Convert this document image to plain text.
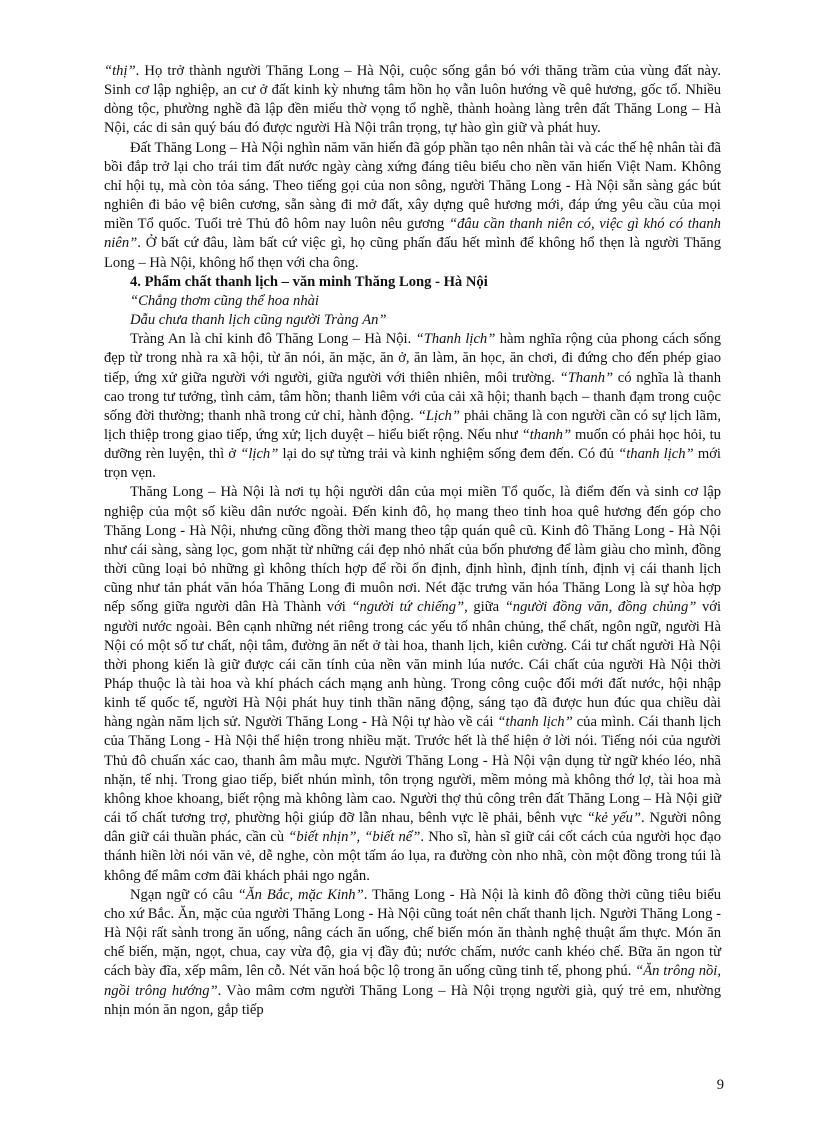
“thị”. Họ trở thành người Thăng Long – Hà Nội, cuộc sống gắn bó với thăng trầm của vùng đất này. Sinh cơ lập nghiệp, an cư ở đất kinh kỳ nhưng tâm hồn họ vẫn luôn hướng về quê hương, gốc tổ. Nhiều dòng tộc, phường nghề đã lập đền miếu thờ vọng tổ nghề, thành hoàng làng trên đất Thăng Long – Hà Nội, các di sản quý báu đó được người Hà Nội trân trọng, tự hào gìn giữ và phát huy.

Đất Thăng Long – Hà Nội nghìn năm văn hiến đã góp phần tạo nên nhân tài và các thế hệ nhân tài đã bồi đắp trở lại cho trái tim đất nước ngày càng xứng đáng tiêu biểu cho nền văn hiến Việt Nam. Không chỉ hội tụ, mà còn tỏa sáng. Theo tiếng gọi của non sông, người Thăng Long - Hà Nội sẵn sàng gác bút nghiên đi bảo vệ biên cương, sẵn sàng đi mở đất, xây dựng quê hương mới, đáp ứng yêu cầu của mọi miền Tổ quốc. Tuổi trẻ Thủ đô hôm nay luôn nêu gương “đâu cần thanh niên có, việc gì khó có thanh niên”. Ở bất cứ đâu, làm bất cứ việc gì, họ cũng phấn đấu hết mình để không hổ thẹn là người Thăng Long – Hà Nội, không hổ thẹn với cha ông.

4. Phẩm chất thanh lịch – văn minh Thăng Long - Hà Nội

“Chẳng thơm cũng thể hoa nhài

Dẫu chưa thanh lịch cũng người Tràng An”

Tràng An là chỉ kinh đô Thăng Long – Hà Nội. “Thanh lịch” hàm nghĩa rộng của phong cách sống đẹp từ trong nhà ra xã hội, từ ăn nói, ăn mặc, ăn ở, ăn làm, ăn học, ăn chơi, đi đứng cho đến phép giao tiếp, ứng xử giữa người với người, giữa người với thiên nhiên, môi trường. “Thanh” có nghĩa là thanh cao trong tư tưởng, tình cảm, tâm hồn; thanh liêm với của cải xã hội; thanh bạch – thanh đạm trong cuộc sống đời thường; thanh nhã trong cử chỉ, hành động. “Lịch” phải chăng là con người cần có sự lịch lãm, lịch thiệp trong giao tiếp, ứng xử; lịch duyệt – hiểu biết rộng. Nếu như “thanh” muốn có phải học hỏi, tu dưỡng rèn luyện, thì ở “lịch” lại do sự từng trải và kinh nghiệm sống đem đến. Có đủ “thanh lịch” mới trọn vẹn.

Thăng Long – Hà Nội là nơi tụ hội người dân của mọi miền Tổ quốc, là điểm đến và sinh cơ lập nghiệp của một số kiều dân nước ngoài. Đến kinh đô, họ mang theo tinh hoa quê hương đến góp cho Thăng Long - Hà Nội, nhưng cũng đồng thời mang theo tập quán quê cũ. Kinh đô Thăng Long - Hà Nội như cái sàng, sàng lọc, gom nhặt từ những cái đẹp nhỏ nhất của bốn phương để làm giàu cho mình, đồng thời cũng loại bỏ những gì không thích hợp để rồi ổn định, định hình, định tính, định vị cái thanh lịch cũng như tản phát văn hóa Thăng Long đi muôn nơi. Nét đặc trưng văn hóa Thăng Long là sự hòa hợp nếp sống giữa người dân Hà Thành với “người tứ chiếng”, giữa “người đồng văn, đồng chủng” với người nước ngoài. Bên cạnh những nét riêng trong các yếu tố nhân chủng, thể chất, ngôn ngữ, người Hà Nội có một số tư chất, nội tâm, đường ăn nết ở tài hoa, thanh lịch, kiên cường. Cái tư chất người Hà Nội thời phong kiến là giữ được cái căn tính của nền văn minh lúa nước. Cái chất của người Hà Nội thời Pháp thuộc là tài hoa và khí phách cách mạng anh hùng. Trong công cuộc đổi mới đất nước, hội nhập kinh tế quốc tế, người Hà Nội phát huy tinh thần năng động, sáng tạo đã được hun đúc qua chiều dài hàng ngàn năm lịch sử. Người Thăng Long - Hà Nội tự hào về cái “thanh lịch” của mình. Cái thanh lịch của Thăng Long - Hà Nội thể hiện trong nhiều mặt. Trước hết là thể hiện ở lời nói. Tiếng nói của người Thủ đô chuẩn xác cao, thanh âm mẫu mực. Người Thăng Long - Hà Nội vận dụng từ ngữ khéo léo, nhã nhặn, tế nhị. Trong giao tiếp, biết nhún mình, tôn trọng người, mềm mỏng mà không thớ lợ, tài hoa mà không khoe khoang, biết rộng mà không làm cao. Người thợ thủ công trên đất Thăng Long – Hà Nội giữ cái tố chất tương trợ, phường hội giúp đỡ lẫn nhau, bênh vực lẽ phải, bênh vực “kẻ yếu”. Người nông dân giữ cái thuần phác, cần cù “biết nhịn”, “biết nể”. Nho sĩ, hàn sĩ giữ cái cốt cách của người học đạo thánh hiền lời nói văn vẻ, dễ nghe, còn một tấm áo lụa, ra đường còn nho nhã, còn một đồng trong túi là không để mâm cơm đãi khách phải ngo ngắn.

Ngạn ngữ có câu “Ăn Bắc, mặc Kinh”. Thăng Long - Hà Nội là kinh đô đồng thời cũng tiêu biểu cho xứ Bắc. Ăn, mặc của người Thăng Long - Hà Nội cũng toát nên chất thanh lịch. Người Thăng Long - Hà Nội rất sành trong ăn uống, nâng cách ăn uống, chế biến món ăn thành nghệ thuật ẩm thực. Món ăn chế biến, mặn, ngọt, chua, cay vừa độ, gia vị đầy đủ; nước chấm, nước canh khéo chế. Bữa ăn ngon từ cách bày đĩa, xếp mâm, lên cỗ. Nét văn hoá bộc lộ trong ăn uống cũng tinh tế, phong phú. “Ăn trông nồi, ngồi trông hướng”. Vào mâm cơm người Thăng Long – Hà Nội trọng người già, quý trẻ em, nhường nhịn món ăn ngon, gắp tiếp

9
